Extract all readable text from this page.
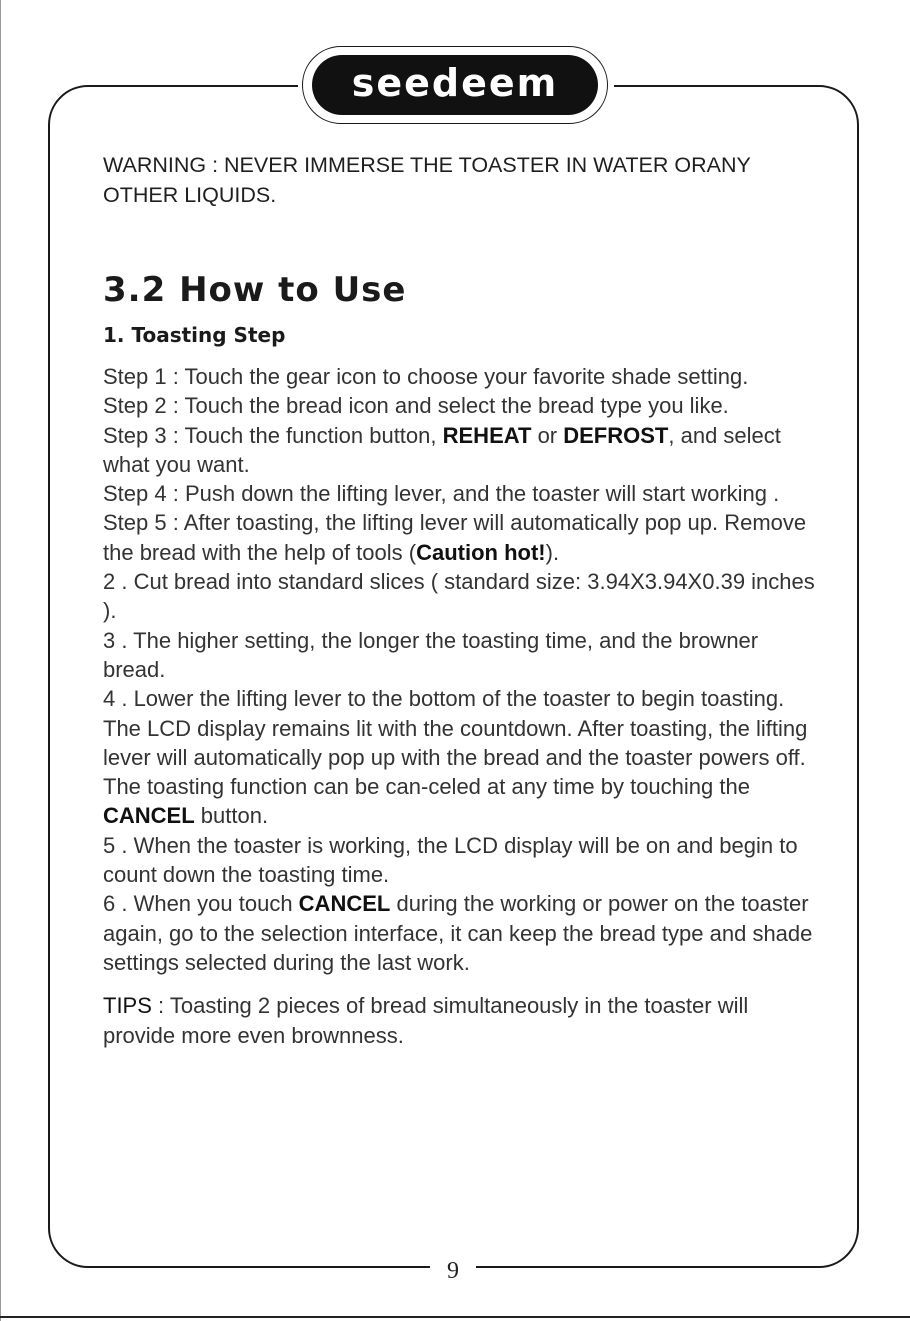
seedeem

WARNING : NEVER IMMERSE THE TOASTER IN WATER ORANY OTHER LIQUIDS.

3.2 How to Use
1. Toasting Step

Step 1 : Touch the gear icon to choose your favorite shade setting.

Step 2 : Touch the bread icon and select the bread type you like.

Step 3 : Touch the function button, REHEAT or DEFROST, and select what you want.

Step 4 : Push down the lifting lever, and the toaster will start working .

Step 5 : After toasting, the lifting lever will automatically pop up. Remove the bread with the help of tools (Caution hot!).

2 . Cut bread into standard slices ( standard size: 3.94X3.94X0.39 inches ).

3 . The higher setting, the longer the toasting time, and the browner bread.

4 . Lower the lifting lever to the bottom of the toaster to begin toasting. The LCD display remains lit with the countdown. After toasting, the lifting lever will automatically pop up with the bread and the toaster powers off. The toasting function can be can-celed at any time by touching the CANCEL button.

5 . When the toaster is working, the LCD display will be on and begin to count down the toasting time.

6 . When you touch CANCEL during the working or power on the toaster again, go to the selection interface, it can keep the bread type and shade settings selected during the last work.

TIPS : Toasting 2 pieces of bread simultaneously in the toaster will provide more even brownness.

9
